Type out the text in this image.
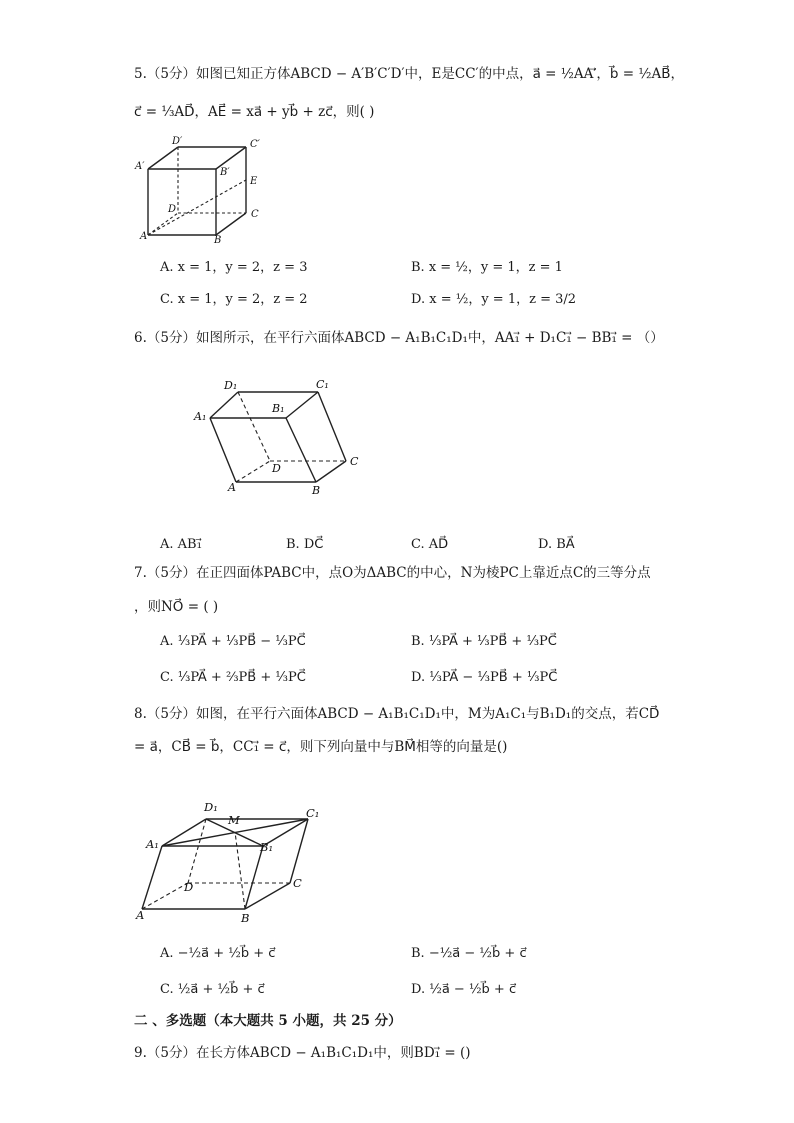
5.（5分）如图已知正方体ABCD − A′B′C′D′中，E是CC′的中点，a⃗ = ½AA′⃗，b⃗ = ½AB⃗，
c⃗ = ⅓AD⃗，AE⃗ = xa⃗ + yb⃗ + zc⃗，则( )
D′	C′
A′
B′
E
D	C
A	B
A. x = 1，y = 2，z = 3	B. x = ½，y = 1，z = 1
C. x = 1，y = 2，z = 2	D. x = ½，y = 1，z = 3/2
6.（5分）如图所示，在平行六面体ABCD − A₁B₁C₁D₁中，AA₁⃗ + D₁C₁⃗ − BB₁⃗ = （）
D₁	C₁
A₁
B₁
D
C
A	B
A. AB₁⃗	B. DC⃗	C. AD⃗	D. BA⃗
7.（5分）在正四面体PABC中，点O为ΔABC的中心，N为棱PC上靠近点C的三等分点
，则NO⃗ = ( )
A. ⅓PA⃗ + ⅓PB⃗ − ⅓PC⃗	B. ⅓PA⃗ + ⅓PB⃗ + ⅓PC⃗
C. ⅓PA⃗ + ⅔PB⃗ + ⅓PC⃗	D. ⅓PA⃗ − ⅓PB⃗ + ⅓PC⃗
8.（5分）如图，在平行六面体ABCD − A₁B₁C₁D₁中，M为A₁C₁与B₁D₁的交点，若CD⃗
= a⃗，CB⃗ = b⃗，CC₁⃗ = c⃗，则下列向量中与BM⃗相等的向量是()
D₁
M	C₁
A₁	B₁
D	C
A	B
A. −½a⃗ + ½b⃗ + c⃗	B. −½a⃗ − ½b⃗ + c⃗
C. ½a⃗ + ½b⃗ + c⃗	D. ½a⃗ − ½b⃗ + c⃗
二 、多选题（本大题共 5 小题，共 25 分）
9.（5分）在长方体ABCD − A₁B₁C₁D₁中，则BD₁⃗ = ()
